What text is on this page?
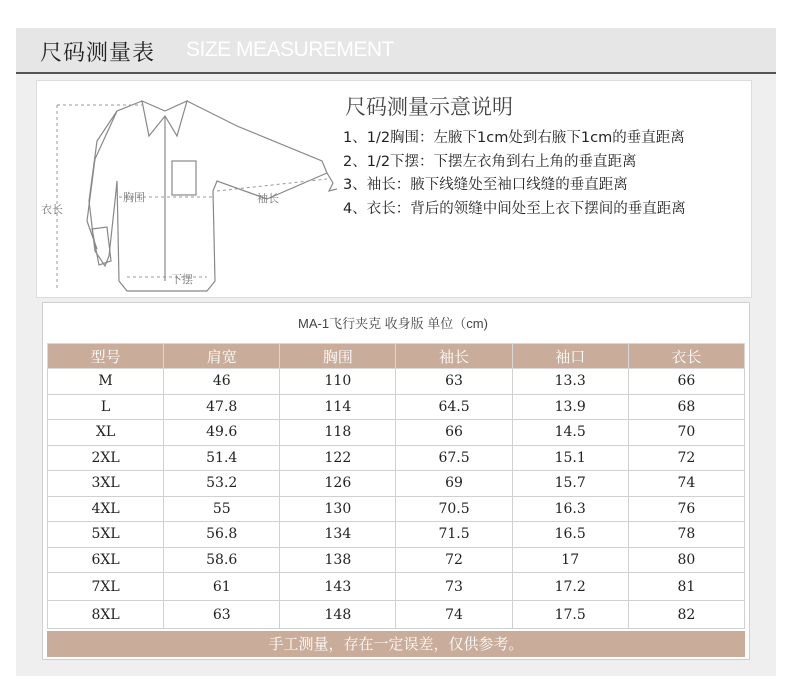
尺码测量表 SIZE MEASUREMENT
衣长
胸围	袖长
下摆
尺码测量示意说明
1、1/2胸围：左腋下1cm处到右腋下1cm的垂直距离
2、1/2下摆：下摆左衣角到右上角的垂直距离
3、袖长：腋下线缝处至袖口线缝的垂直距离
4、衣长：背后的领缝中间处至上衣下摆间的垂直距离
MA-1飞行夹克 收身版 单位（cm)
型号	肩宽	胸围	袖长	袖口	衣长
M	46	110	63	13.3	66
L	47.8	114	64.5	13.9	68
XL	49.6	118	66	14.5	70
2XL	51.4	122	67.5	15.1	72
3XL	53.2	126	69	15.7	74
4XL	55	130	70.5	16.3	76
5XL	56.8	134	71.5	16.5	78
6XL	58.6	138	72	17	80
7XL	61	143	73	17.2	81
8XL	63	148	74	17.5	82
手工测量，存在一定误差，仅供参考。
